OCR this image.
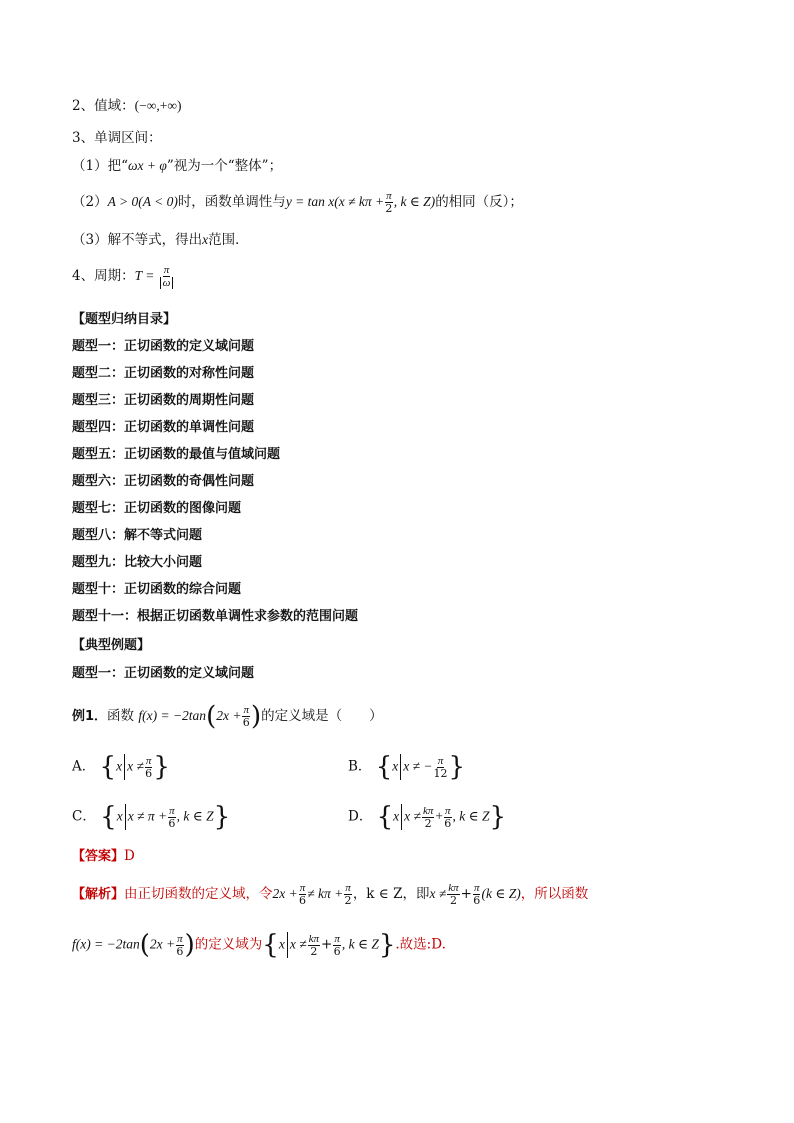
2、值域：(−∞,+∞)
3、单调区间：
（1）把“ωx + φ”视为一个“整体”；
（2）A > 0(A < 0)时，函数单调性与$y = \tan x(x \ne k\pi + \frac{\pi}{2}$ , k ∈ Z)的相同（反）；
（3）解不等式，得出x范围．
4、周期：$T = \frac{\pi}{\omega}$
【题型归纳目录】
题型一：正切函数的定义域问题
题型二：正切函数的对称性问题
题型三：正切函数的周期性问题
题型四：正切函数的单调性问题
题型五：正切函数的最值与值域问题
题型六：正切函数的奇偶性问题
题型七：正切函数的图像问题
题型八：解不等式问题
题型九：比较大小问题
题型十：正切函数的综合问题
题型十一：根据正切函数单调性求参数的范围问题
【典型例题】
题型一：正切函数的定义域问题
例1．函数 $f(x) = -2\tan(2x + \frac{\pi}{6}$ )的定义域是（　　）
A． {x $x \ne \frac{\pi}{6}$ }	B． {x x ≠ − $\frac{\pi}{12}$ }
C． {x $x \ne \pi + \frac{\pi}{6}$ , k ∈ Z}	D． {x $x \ne \frac{k\pi}{2} + \frac{\pi}{6}$ , k ∈ Z}
【答案】D
【解析】由正切函数的定义域，令$2x + \frac{\pi}{6} \ne k\pi + \frac{\pi}{2}$ ，k ∈ Z，即$x \ne \frac{k\pi}{2} + \frac{\pi}{6} (k$ ∈ Z)，所以函数
$f(x) = -2\tan(2x + \frac{\pi}{6}$ )的定义域为{x $x \ne \frac{k\pi}{2} + \frac{\pi}{6}$ , k ∈ Z}.故选:D.
